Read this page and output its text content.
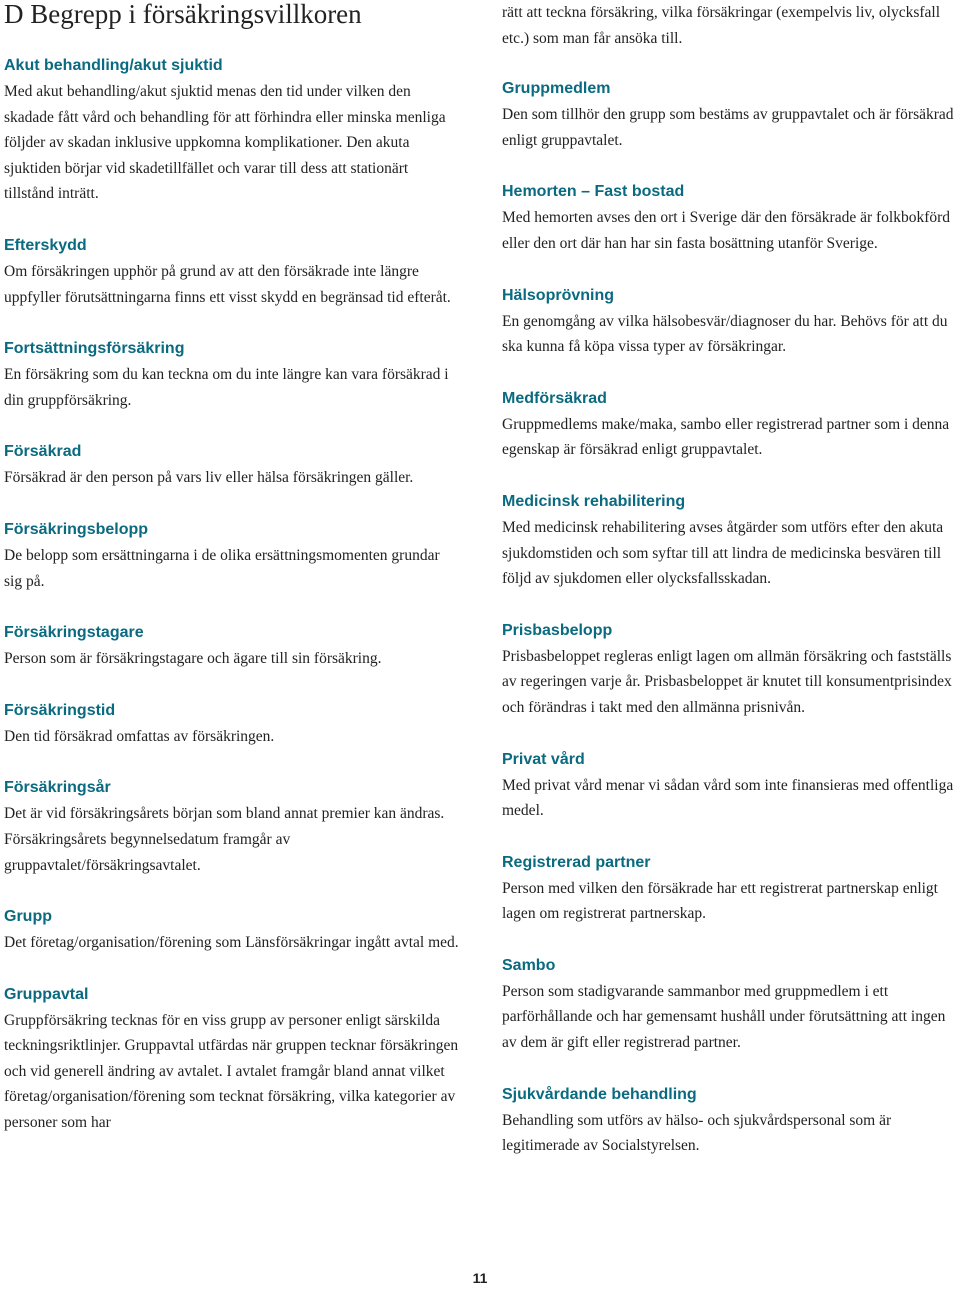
D Begrepp i försäkringsvillkoren

Akut behandling/akut sjuktid

Med akut behandling/akut sjuktid menas den tid under vilken den skadade fått vård och behandling för att förhindra eller minska menliga följder av skadan inklusive uppkomna komplikationer. Den akuta sjuktiden börjar vid skadetillfället och varar till dess att stationärt tillstånd inträtt.

Efterskydd

Om försäkringen upphör på grund av att den försäkrade inte längre uppfyller förutsättningarna finns ett visst skydd en begränsad tid efteråt.

Fortsättningsförsäkring

En försäkring som du kan teckna om du inte längre kan vara försäkrad i din gruppförsäkring.

Försäkrad

Försäkrad är den person på vars liv eller hälsa försäkringen gäller.

Försäkringsbelopp

De belopp som ersättningarna i de olika ersättningsmomenten grundar sig på.

Försäkringstagare

Person som är försäkringstagare och ägare till sin försäkring.

Försäkringstid

Den tid försäkrad omfattas av försäkringen.

Försäkringsår

Det är vid försäkringsårets början som bland annat premier kan ändras. Försäkringsårets begynnelsedatum framgår av gruppavtalet/försäkringsavtalet.

Grupp

Det företag/organisation/förening som Länsförsäkringar ingått avtal med.

Gruppavtal

Gruppförsäkring tecknas för en viss grupp av personer enligt särskilda teckningsriktlinjer. Gruppavtal utfärdas när gruppen tecknar försäkringen och vid generell ändring av avtalet. I avtalet framgår bland annat vilket företag/organisation/förening som tecknat försäkring, vilka kategorier av personer som har

rätt att teckna försäkring, vilka försäkringar (exempelvis liv, olycksfall etc.) som man får ansöka till.

Gruppmedlem

Den som tillhör den grupp som bestäms av gruppavtalet och är försäkrad enligt gruppavtalet.

Hemorten – Fast bostad

Med hemorten avses den ort i Sverige där den försäkrade är folkbokförd eller den ort där han har sin fasta bosättning utanför Sverige.

Hälsoprövning

En genomgång av vilka hälsobesvär/diagnoser du har. Behövs för att du ska kunna få köpa vissa typer av försäkringar.

Medförsäkrad

Gruppmedlems make/maka, sambo eller registrerad partner som i denna egenskap är försäkrad enligt gruppavtalet.

Medicinsk rehabilitering

Med medicinsk rehabilitering avses åtgärder som utförs efter den akuta sjukdomstiden och som syftar till att lindra de medicinska besvären till följd av sjukdomen eller olycksfallsskadan.

Prisbasbelopp

Prisbasbeloppet regleras enligt lagen om allmän försäkring och fastställs av regeringen varje år. Prisbasbeloppet är knutet till konsumentprisindex och förändras i takt med den allmänna prisnivån.

Privat vård

Med privat vård menar vi sådan vård som inte finansieras med offentliga medel.

Registrerad partner

Person med vilken den försäkrade har ett registrerat partnerskap enligt lagen om registrerat partnerskap.

Sambo

Person som stadigvarande sammanbor med gruppmedlem i ett parförhållande och har gemensamt hushåll under förutsättning att ingen av dem är gift eller registrerad partner.

Sjukvårdande behandling

Behandling som utförs av hälso- och sjukvårdspersonal som är legitimerade av Socialstyrelsen.

11
